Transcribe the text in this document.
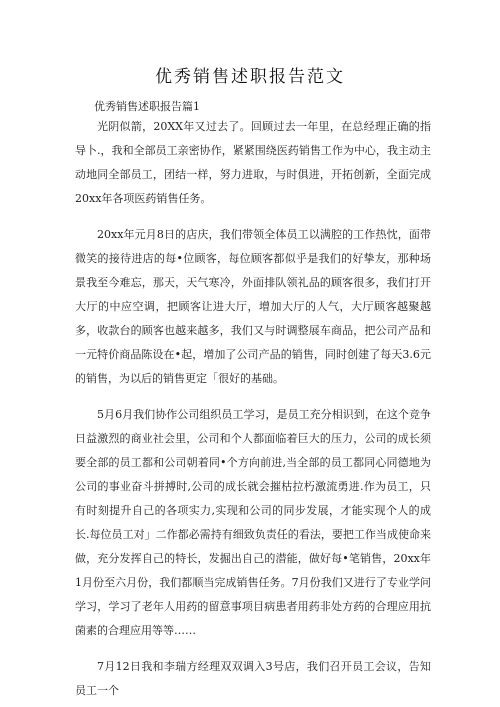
优秀销售述职报告范文
优秀销售述职报告篇1
光阴似箭，20XX年又过去了。回顾过去一年里，在总经理正确的指导卜.，我和全部员工亲密协作，紧紧围绕医药销售工作为中心，我主动主动地同全部员工，团结一样，努力进取，与时俱进，开拓创新，全面完成20xx年各项医药销售任务。
20xx年元月8日的店庆，我们带领全体员工以满腔的工作热忱，面带微笑的接待进店的每•位顾客，每位顾客都似乎是我们的好挚友，那种场景我至今难忘，那天，天气寒冷，外面排队领礼品的顾客很多，我们打开大厅的中应空调，把顾客让进大厅，增加大厅的人气，大厅顾客越聚越多，收款台的顾客也越来越多，我们又与时调整展车商品，把公司产品和一元特价商品陈设在•起，增加了公司产品的销售，同时创建了每天3.6元的销售，为以后的销售更定「很好的基础。
5月6月我们协作公司组织员工学习，是员工充分相识到，在这个竞争日益激烈的商业社会里，公司和个人都面临着巨大的压力，公司的成长须要全部的员工都和公司朝着同•个方向前进,当全部的员工都同心同德地为公司的事业奋斗拼搏时,公司的成长就会摧枯拉朽激流勇进.作为员工，只有时刻提升自己的各项实力,实现和公司的同步发展，才能实现个人的成长.每位员工对」二作都必需持有细致负责任的看法，要把工作当成使命来做，充分发挥自己的特长，发掘出自己的潜能，做好每•笔销售，20xx年1月份至六月份，我们都顺当完成销售任务。7月份我们又进行了专业学问学习，学习了老年人用药的留意事项目病患者用药非处方药的合理应用抗菌素的合理应用等等……
7月12日我和李瑞方经理双双调入3号店，我们召开员工会议，告知员工一个
